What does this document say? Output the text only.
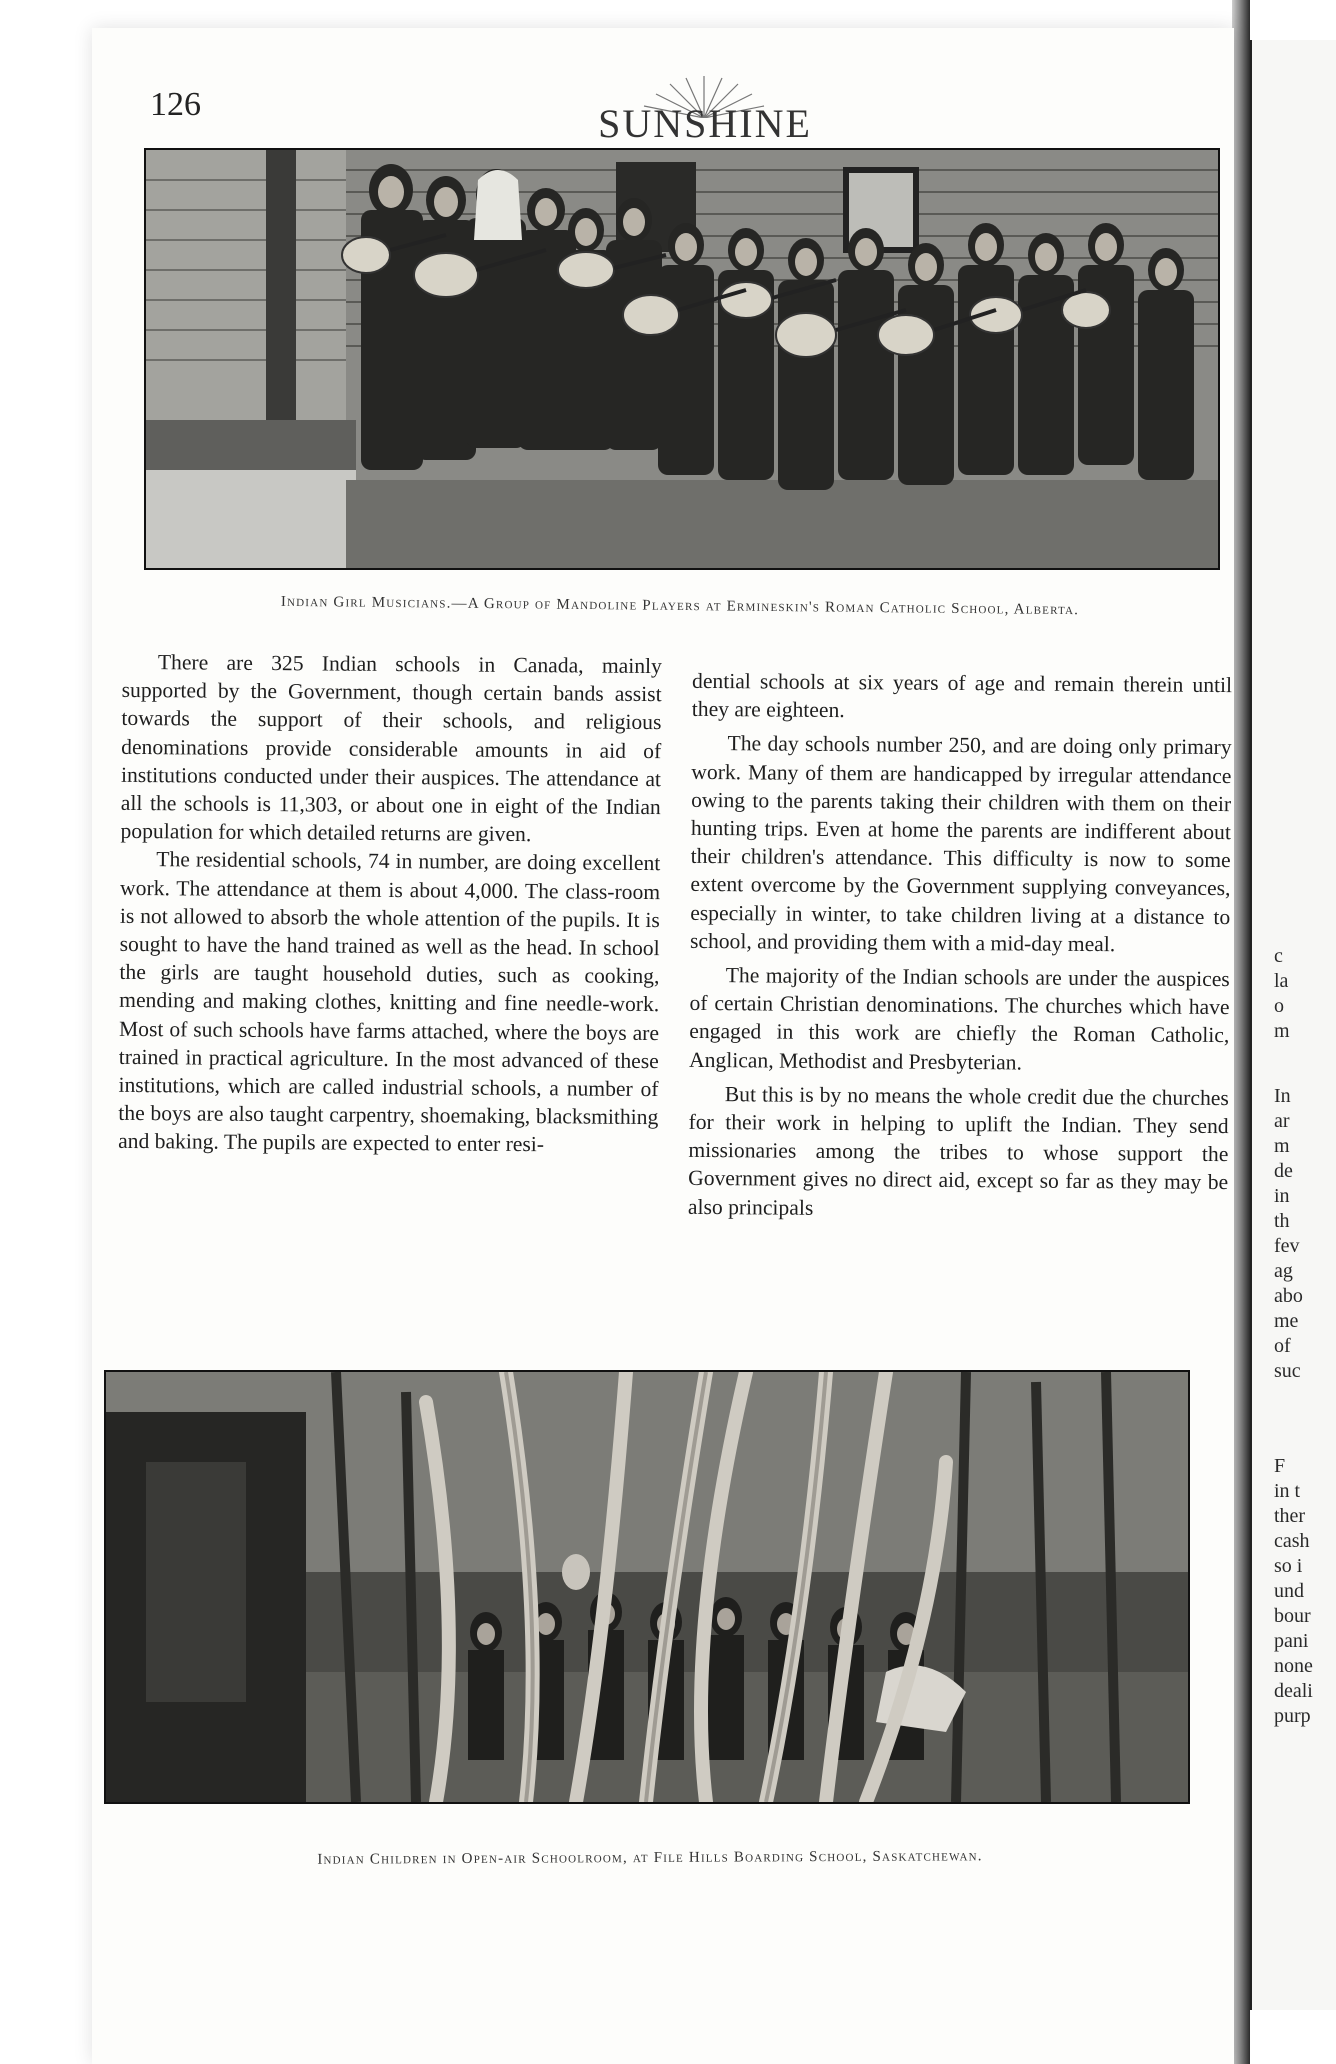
c
la
o
m
In
ar
m
de
in
th
fev
ag
abo
me
of
suc
F
in t
ther
cash
so i
und
bour
pani
none
deali
purp
126	SUNSHINE
Indian Girl Musicians.—A Group of Mandoline Players at Ermineskin's Roman Catholic School, Alberta.

There are 325 Indian schools in Canada, mainly supported by the Government, though certain bands assist towards the support of their schools, and religious denominations provide considerable amounts in aid of institutions conducted under their auspices. The attendance at all the schools is 11,303, or about one in eight of the Indian population for which detailed returns are given.

The residential schools, 74 in number, are doing excellent work. The attendance at them is about 4,000. The class-room is not allowed to absorb the whole attention of the pupils. It is sought to have the hand trained as well as the head. In school the girls are taught household duties, such as cooking, mending and making clothes, knitting and fine needle-work. Most of such schools have farms attached, where the boys are trained in practical agriculture. In the most advanced of these institutions, which are called industrial schools, a number of the boys are also taught carpentry, shoemaking, blacksmithing and baking. The pupils are expected to enter resi-

dential schools at six years of age and remain therein until they are eighteen.

The day schools number 250, and are doing only primary work. Many of them are handicapped by irregular attendance owing to the parents taking their children with them on their hunting trips. Even at home the parents are indifferent about their children's attendance. This difficulty is now to some extent overcome by the Government supplying conveyances, especially in winter, to take children living at a distance to school, and providing them with a mid-day meal.

The majority of the Indian schools are under the auspices of certain Christian denominations. The churches which have engaged in this work are chiefly the Roman Catholic, Anglican, Methodist and Presbyterian.

But this is by no means the whole credit due the churches for their work in helping to uplift the Indian. They send missionaries among the tribes to whose support the Government gives no direct aid, except so far as they may be also principals

Indian Children in Open-air Schoolroom, at File Hills Boarding School, Saskatchewan.
